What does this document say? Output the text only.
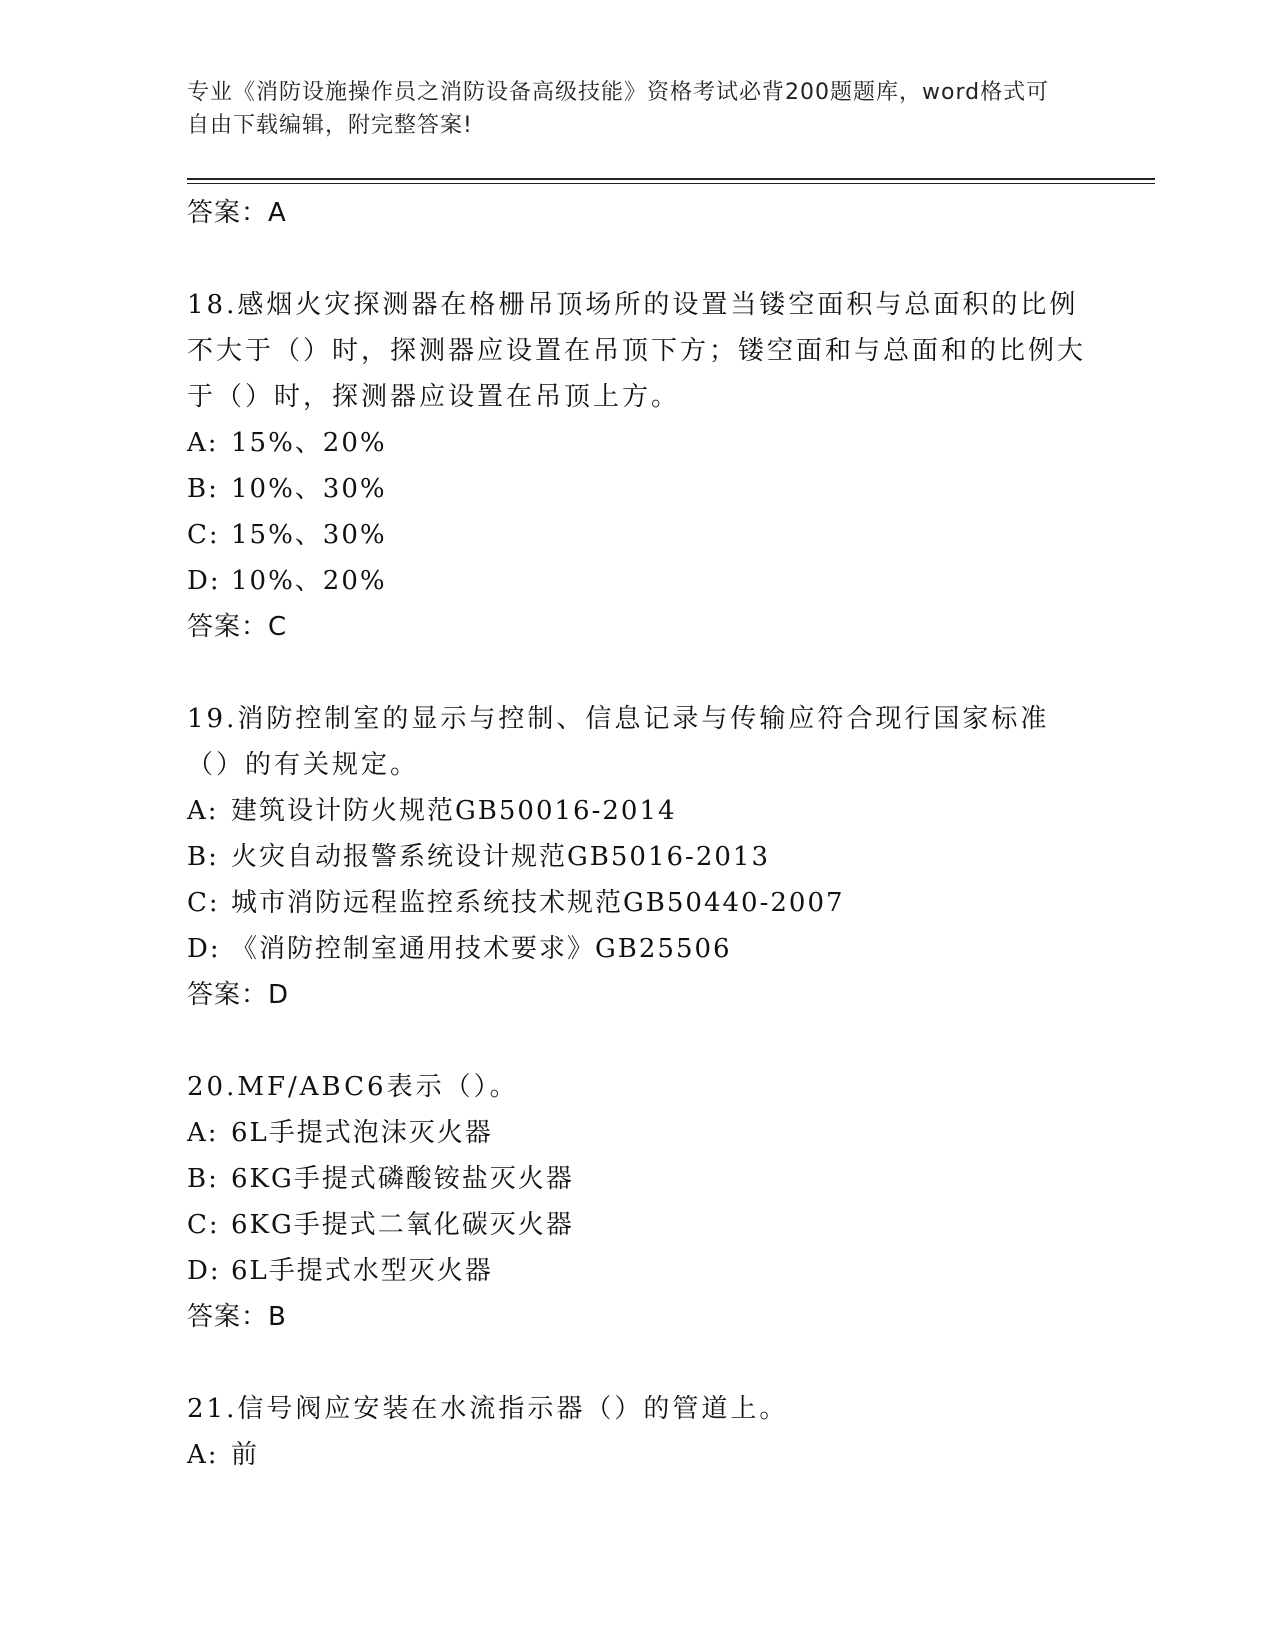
专业《消防设施操作员之消防设备高级技能》资格考试必背200题题库，word格式可自由下载编辑，附完整答案!
答案：A
18.感烟火灾探测器在格栅吊顶场所的设置当镂空面积与总面积的比例不大于（）时，探测器应设置在吊顶下方；镂空面和与总面和的比例大于（）时，探测器应设置在吊顶上方。
A: 15%、20%
B: 10%、30%
C: 15%、30%
D: 10%、20%
答案：C
19.消防控制室的显示与控制、信息记录与传输应符合现行国家标准（）的有关规定。
A: 建筑设计防火规范GB50016-2014
B: 火灾自动报警系统设计规范GB5016-2013
C: 城市消防远程监控系统技术规范GB50440-2007
D: 《消防控制室通用技术要求》GB25506
答案：D
20.MF/ABC6表示（）。
A: 6L手提式泡沫灭火器
B: 6KG手提式磷酸铵盐灭火器
C: 6KG手提式二氧化碳灭火器
D: 6L手提式水型灭火器
答案：B
21.信号阀应安装在水流指示器（）的管道上。
A: 前
